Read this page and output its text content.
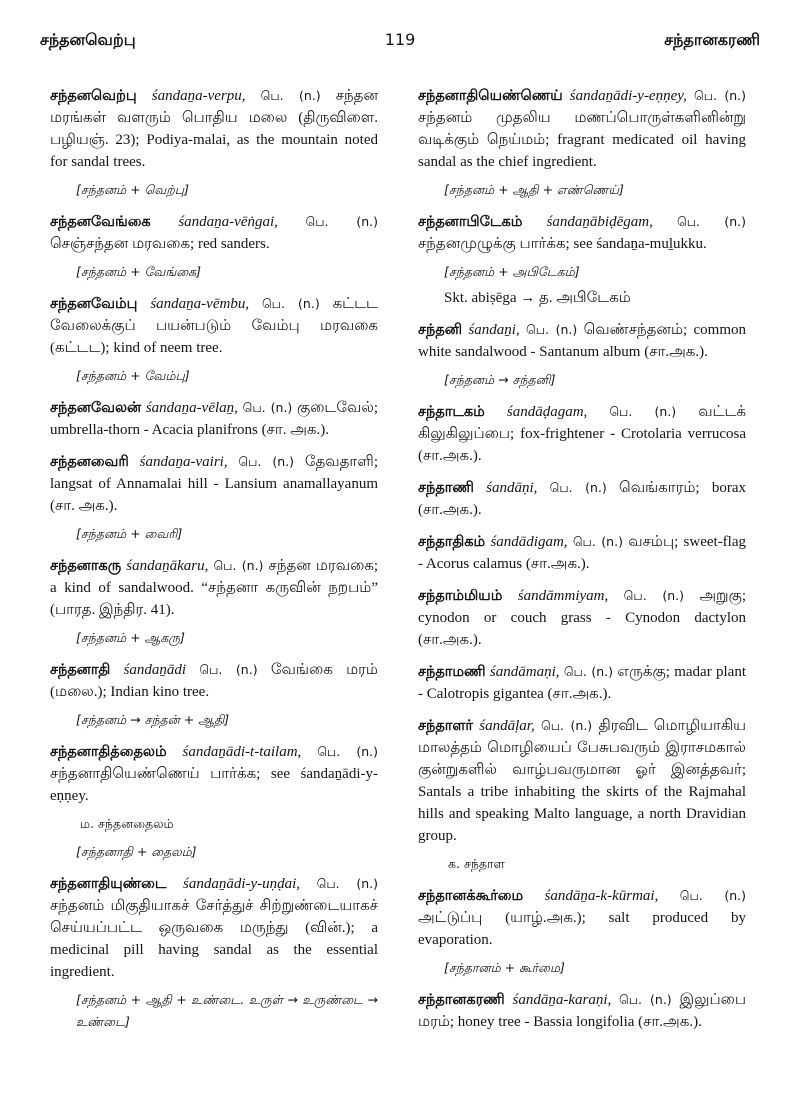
சந்தனவெற்பு	119	சந்தானகரணி
சந்தனவெற்பு śandaṉa-verpu, பெ. (n.) சந்தன மரங்கள் வளரும் பொதிய மலை (திருவிளை. பழியஞ். 23); Podiya-malai, as the mountain noted for sandal trees.
[சந்தனம் + வெற்பு]
சந்தனவேங்கை śandaṉa-vēṅgai, பெ. (n.) செஞ்சந்தன மரவகை; red sanders.
[சந்தனம் + வேங்கை]
சந்தனவேம்பு śandaṉa-vēmbu, பெ. (n.) கட்டட வேலைக்குப் பயன்படும் வேம்பு மரவகை (கட்டட); kind of neem tree.
[சந்தனம் + வேம்பு]
சந்தனவேலன் śandaṉa-vēlaṉ, பெ. (n.) குடைவேல்; umbrella-thorn - Acacia planifrons (சா. அக.).
சந்தனவைரி śandaṉa-vairi, பெ. (n.) தேவதாளி; langsat of Annamalai hill - Lansium anamallayanum (சா. அக.).
[சந்தனம் + வைரி]
சந்தனாகரு śandaṉākaru, பெ. (n.) சந்தன மரவகை; a kind of sandalwood. “சந்தனா கருவின் நறபம்” (பாரத. இந்திர. 41).
[சந்தனம் + ஆகரு]
சந்தனாதி śandaṉādi பெ. (n.) வேங்கை மரம் (மலை.); Indian kino tree.
[சந்தனம் → சந்தன் + ஆதி]
சந்தனாதித்தைலம் śandaṉādi-t-tailam, பெ. (n.) சந்தனாதியெண்ணெய் பார்க்க; see śandaṉādi-y-eṇṇey.
ம. சந்தனதைலம்
[சந்தனாதி + தைலம்]
சந்தனாதியுண்டை śandaṉādi-y-uṇḍai, பெ. (n.) சந்தனம் மிகுதியாகச் சேர்த்துச் சிற்றுண்டையாகச் செய்யப்பட்ட ஒருவகை மருந்து (வின்.); a medicinal pill having sandal as the essential ingredient.
[சந்தனம் + ஆதி + உண்டை. உருள் → உருண்டை → உண்டை]
சந்தனாதியெண்ணெய் śandaṉādi-y-eṇṇey, பெ. (n.) சந்தனம் முதலிய மணப்பொருள்களினின்று வடிக்கும் நெய்மம்; fragrant medicated oil having sandal as the chief ingredient.
[சந்தனம் + ஆதி + எண்ணெய்]
சந்தனாபிடேகம் śandaṉābiḍēgam, பெ. (n.) சந்தனமுழுக்கு பார்க்க; see śandaṉa-muḻukku.
[சந்தனம் + அபிடேகம்]
Skt. abiṣēga → த. அபிடேகம்
சந்தனி śandaṉi, பெ. (n.) வெண்சந்தனம்; common white sandalwood - Santanum album (சா.அக.).
[சந்தனம் → சந்தனி]
சந்தாடகம் śandāḍagam, பெ. (n.) வட்டக் கிலுகிலுப்பை; fox-frightener - Crotolaria verrucosa (சா.அக.).
சந்தாணி śandāṇi, பெ. (n.) வெங்காரம்; borax (சா.அக.).
சந்தாதிகம் śandādigam, பெ. (n.) வசம்பு; sweet-flag - Acorus calamus (சா.அக.).
சந்தாம்மியம் śandāmmiyam, பெ. (n.) அறுகு; cynodon or couch grass - Cynodon dactylon (சா.அக.).
சந்தாமணி śandāmaṇi, பெ. (n.) எருக்கு; madar plant - Calotropis gigantea (சா.அக.).
சந்தாளர் śandāḷar, பெ. (n.) திரவிட மொழியாகிய மாலத்தம் மொழியைப் பேசுபவரும் இராசமகால் குன்றுகளில் வாழ்பவருமான ஓர் இனத்தவர்; Santals a tribe inhabiting the skirts of the Rajmahal hills and speaking Malto language, a north Dravidian group.
க. சந்தாள
சந்தானக்கூர்மை śandāṉa-k-kūrmai, பெ. (n.) அட்டுப்பு (யாழ்.அக.); salt produced by evaporation.
[சந்தானம் + கூர்மை]
சந்தானகரணி śandāṉa-karaṇi, பெ. (n.) இலுப்பை மரம்; honey tree - Bassia longifolia (சா.அக.).
